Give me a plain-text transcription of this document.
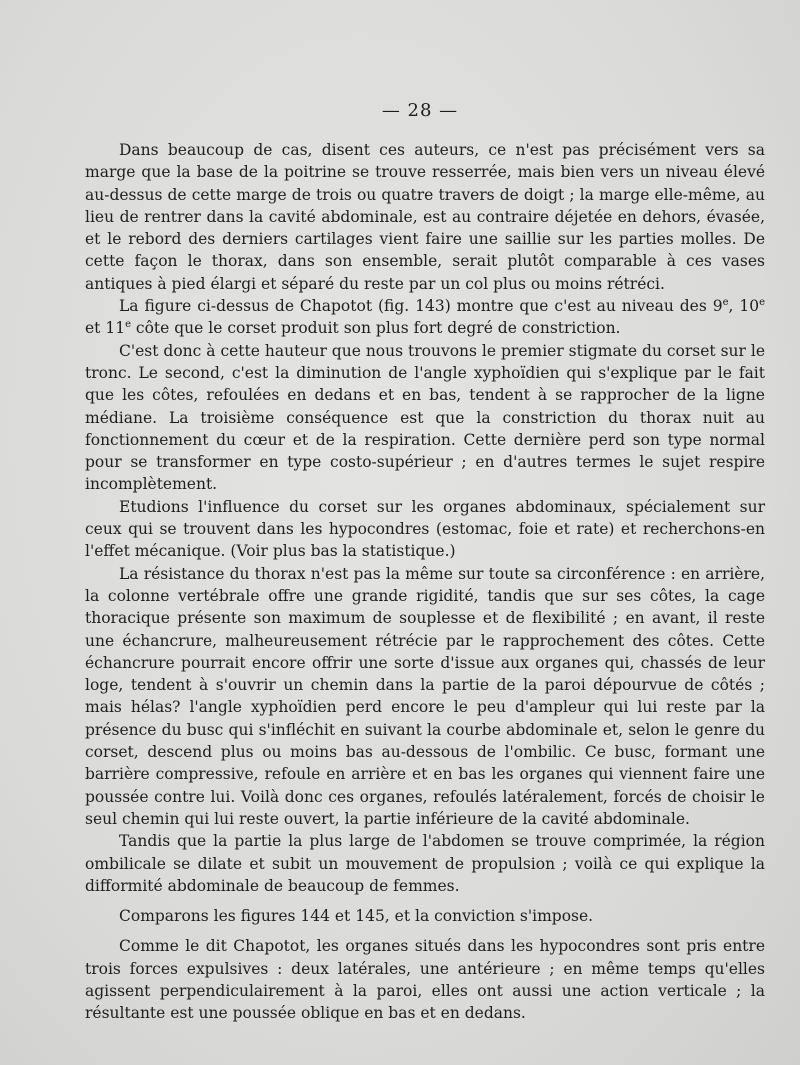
— 28 —

Dans beaucoup de cas, disent ces auteurs, ce n'est pas précisément vers sa marge que la base de la poitrine se trouve resserrée, mais bien vers un niveau élevé au-dessus de cette marge de trois ou quatre travers de doigt ; la marge elle-même, au lieu de rentrer dans la cavité abdominale, est au contraire déjetée en dehors, évasée, et le rebord des derniers cartilages vient faire une saillie sur les parties molles. De cette façon le thorax, dans son ensemble, serait plutôt comparable à ces vases antiques à pied élargi et séparé du reste par un col plus ou moins rétréci.

La figure ci-dessus de Chapotot (fig. 143) montre que c'est au niveau des 9e, 10e et 11e côte que le corset produit son plus fort degré de constriction.

C'est donc à cette hauteur que nous trouvons le premier stigmate du corset sur le tronc. Le second, c'est la diminution de l'angle xyphoïdien qui s'explique par le fait que les côtes, refoulées en dedans et en bas, tendent à se rapprocher de la ligne médiane. La troisième conséquence est que la constriction du thorax nuit au fonctionnement du cœur et de la respiration. Cette dernière perd son type normal pour se transformer en type costo-supérieur ; en d'autres termes le sujet respire incomplètement.

Etudions l'influence du corset sur les organes abdominaux, spécialement sur ceux qui se trouvent dans les hypocondres (estomac, foie et rate) et recherchons-en l'effet mécanique. (Voir plus bas la statistique.)

La résistance du thorax n'est pas la même sur toute sa circonférence : en arrière, la colonne vertébrale offre une grande rigidité, tandis que sur ses côtes, la cage thoracique présente son maximum de souplesse et de flexibilité ; en avant, il reste une échancrure, malheureusement rétrécie par le rapprochement des côtes. Cette échancrure pourrait encore offrir une sorte d'issue aux organes qui, chassés de leur loge, tendent à s'ouvrir un chemin dans la partie de la paroi dépourvue de côtés ; mais hélas? l'angle xyphoïdien perd encore le peu d'ampleur qui lui reste par la présence du busc qui s'infléchit en suivant la courbe abdominale et, selon le genre du corset, descend plus ou moins bas au-dessous de l'ombilic. Ce busc, formant une barrière compressive, refoule en arrière et en bas les organes qui viennent faire une poussée contre lui. Voilà donc ces organes, refoulés latéralement, forcés de choisir le seul chemin qui lui reste ouvert, la partie inférieure de la cavité abdominale.

Tandis que la partie la plus large de l'abdomen se trouve comprimée, la région ombilicale se dilate et subit un mouvement de propulsion ; voilà ce qui explique la difformité abdominale de beaucoup de femmes.

Comparons les figures 144 et 145, et la conviction s'impose.

Comme le dit Chapotot, les organes situés dans les hypocondres sont pris entre trois forces expulsives : deux latérales, une antérieure ; en même temps qu'elles agissent perpendiculairement à la paroi, elles ont aussi une action verticale ; la résultante est une poussée oblique en bas et en dedans.
